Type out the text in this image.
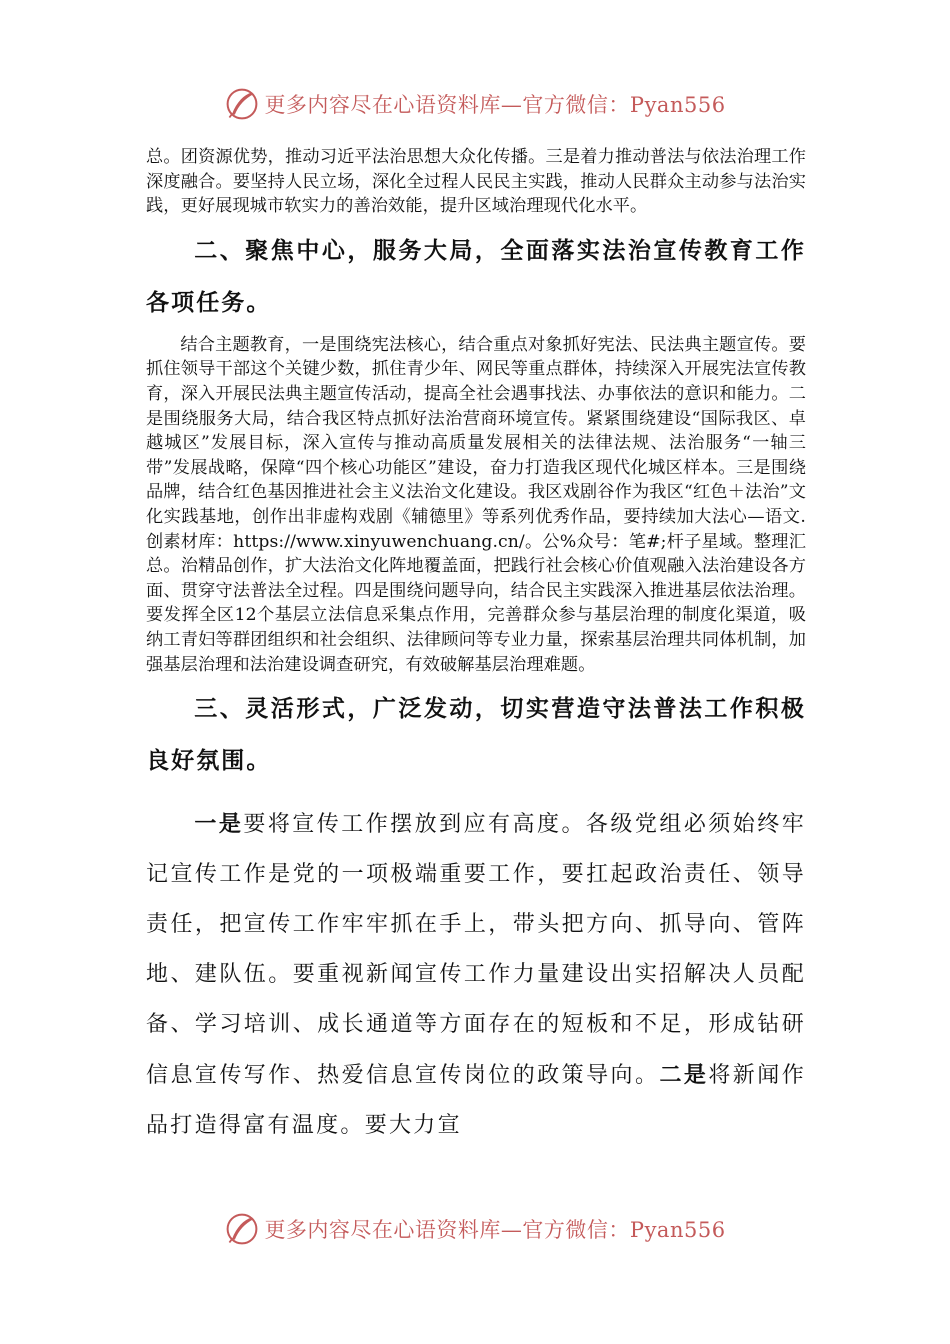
更多内容尽在心语资料库—官方微信：Pyan556

总。团资源优势，推动习近平法治思想大众化传播。三是着力推动普法与依法治理工作深度融合。要坚持人民立场，深化全过程人民民主实践，推动人民群众主动参与法治实践，更好展现城市软实力的善治效能，提升区域治理现代化水平。

二、聚焦中心，服务大局，全面落实法治宣传教育工作各项任务。

结合主题教育，一是围绕宪法核心，结合重点对象抓好宪法、民法典主题宣传。要抓住领导干部这个关键少数，抓住青少年、网民等重点群体，持续深入开展宪法宣传教育，深入开展民法典主题宣传活动，提高全社会遇事找法、办事依法的意识和能力。二是围绕服务大局，结合我区特点抓好法治营商环境宣传。紧紧围绕建设“国际我区、卓越城区”发展目标，深入宣传与推动高质量发展相关的法律法规、法治服务“一轴三带”发展战略，保障“四个核心功能区”建设，奋力打造我区现代化城区样本。三是围绕品牌，结合红色基因推进社会主义法治文化建设。我区戏剧谷作为我区“红色＋法治”文化实践基地，创作出非虚构戏剧《辅德里》等系列优秀作品，要持续加大法心—语文.创素材库：https://www.xinyuwenchuang.cn/。公%众号：笔#;杆子星域。整理汇总。治精品创作，扩大法治文化阵地覆盖面，把践行社会核心价值观融入法治建设各方面、贯穿守法普法全过程。四是围绕问题导向，结合民主实践深入推进基层依法治理。要发挥全区12个基层立法信息采集点作用，完善群众参与基层治理的制度化渠道，吸纳工青妇等群团组织和社会组织、法律顾问等专业力量，探索基层治理共同体机制，加强基层治理和法治建设调查研究，有效破解基层治理难题。

三、灵活形式，广泛发动，切实营造守法普法工作积极良好氛围。

一是要将宣传工作摆放到应有高度。各级党组必须始终牢记宣传工作是党的一项极端重要工作，要扛起政治责任、领导责任，把宣传工作牢牢抓在手上，带头把方向、抓导向、管阵地、建队伍。要重视新闻宣传工作力量建设出实招解决人员配备、学习培训、成长通道等方面存在的短板和不足，形成钻研信息宣传写作、热爱信息宣传岗位的政策导向。二是将新闻作品打造得富有温度。要大力宣

更多内容尽在心语资料库—官方微信：Pyan556
